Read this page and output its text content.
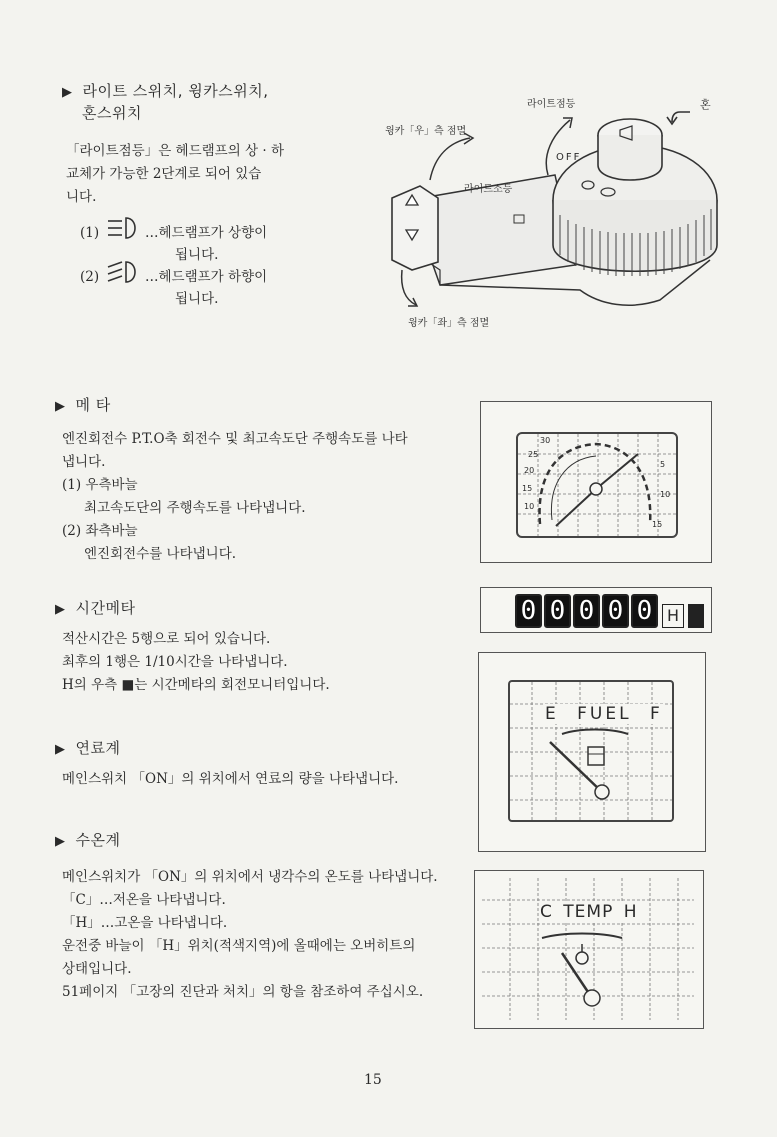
▶ 라이트 스위치, 윙카스위치,
혼스위치
「라이트점등」은 헤드램프의 상 · 하
교체가 가능한 2단계로 되어 있습
니다.
(1)	…헤드램프가 상향이
됩니다.
(2)	…헤드램프가 하향이
됩니다.
라이트점등	혼
윙카「우」측 점멸
OFF
라이트소등
윙카「좌」측 점멸
▶ 메 타
엔진회전수 P.T.O축 회전수 및 최고속도단 주행속도를 나타
냅니다.
(1) 우측바늘
최고속도단의 주행속도를 나타냅니다.
(2) 좌측바늘
엔진회전수를 나타냅니다.
30
25
20
15
10
5
10
15
▶ 시간메타
적산시간은 5행으로 되어 있습니다.
최후의 1행은 1/10시간을 나타냅니다.
H의 우측 ■는 시간메타의 회전모니터입니다.
0 0 0 0 0 H
▶ 연료계
메인스위치 「ON」의 위치에서 연료의 량을 나타냅니다.
E FUEL F
▶ 수온계
메인스위치가 「ON」의 위치에서 냉각수의 온도를 나타냅니다.
「C」…저온을 나타냅니다.
「H」…고온을 나타냅니다.
운전중 바늘이 「H」위치(적색지역)에 올때에는 오버히트의
상태입니다.
51페이지 「고장의 진단과 처치」의 항을 참조하여 주십시오.
C TEMP H
15
